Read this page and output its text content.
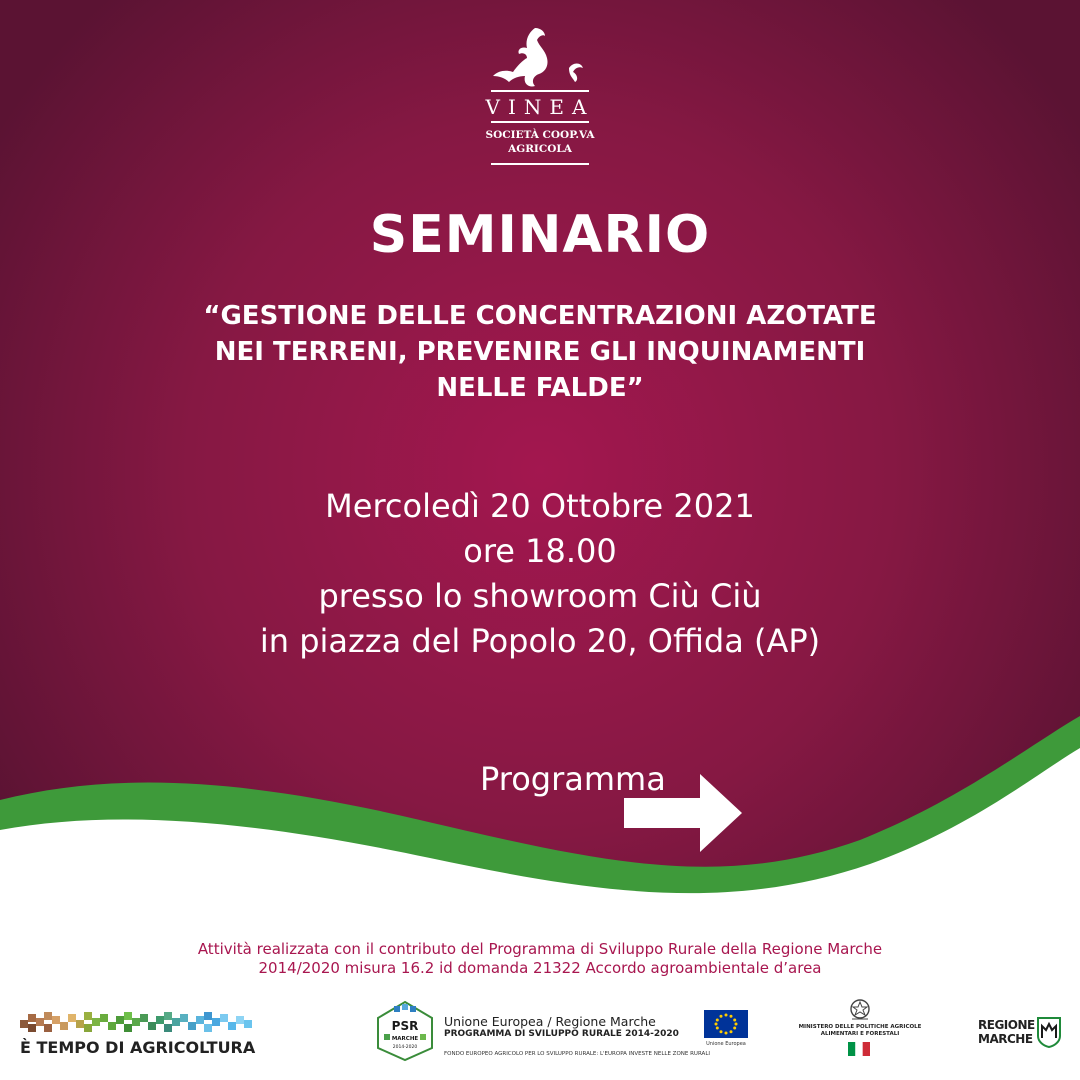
VINEA
SOCIETÀ COOP.VA
AGRICOLA
SEMINARIO
“GESTIONE DELLE CONCENTRAZIONI AZOTATE
NEI TERRENI, PREVENIRE GLI INQUINAMENTI
NELLE FALDE”
Mercoledì 20 Ottobre 2021
ore 18.00
presso lo showroom Ciù Ciù
in piazza del Popolo 20, Offida (AP)
Programma
Attività realizzata con il contributo del Programma di Sviluppo Rurale della Regione Marche
2014/2020 misura 16.2 id domanda 21322 Accordo agroambientale d’area
È TEMPO DI AGRICOLTURA
PSR
MARCHE
2014-2020
Unione Europea / Regione Marche
PROGRAMMA DI SVILUPPO RURALE 2014-2020
FONDO EUROPEO AGRICOLO PER LO SVILUPPO RURALE: L'EUROPA INVESTE NELLE ZONE RURALI
Unione Europea
MINISTERO DELLE POLITICHE AGRICOLE
ALIMENTARI E FORESTALI
REGIONE
MARCHE
